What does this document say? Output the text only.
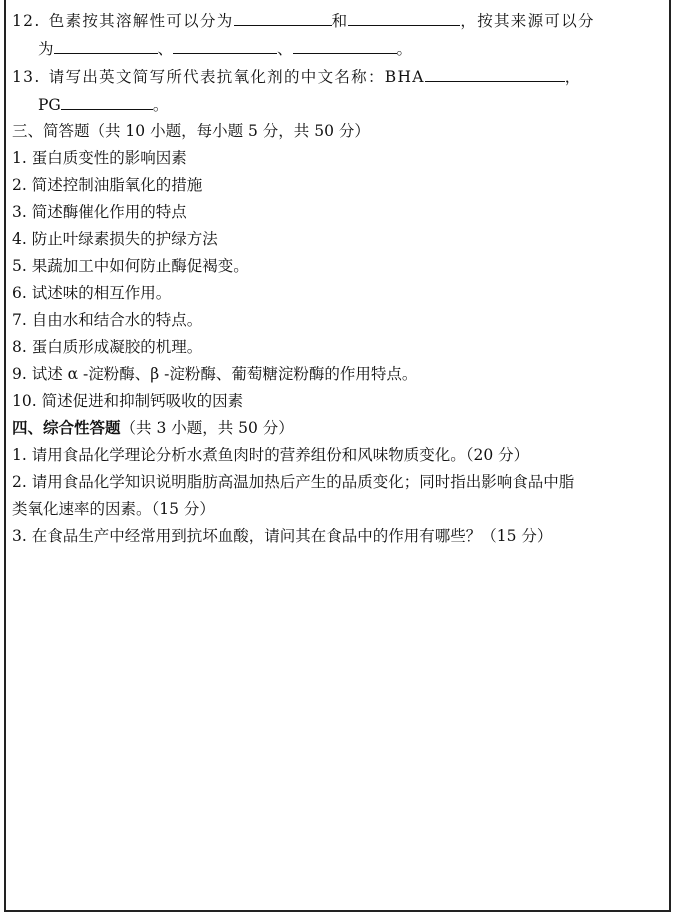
12. 色素按其溶解性可以分为	和	，按其来源可以分
为	、	、	。
13. 请写出英文简写所代表抗氧化剂的中文名称：BHA	，
PG	。
三、简答题（共 10 小题，每小题 5 分，共 50 分）
1. 蛋白质变性的影响因素
2. 简述控制油脂氧化的措施
3. 简述酶催化作用的特点
4. 防止叶绿素损失的护绿方法
5. 果蔬加工中如何防止酶促褐变。
6. 试述味的相互作用。
7. 自由水和结合水的特点。
8. 蛋白质形成凝胶的机理。
9. 试述 α -淀粉酶、β -淀粉酶、葡萄糖淀粉酶的作用特点。
10. 简述促进和抑制钙吸收的因素
四、综合性答题（共 3 小题，共 50 分）
1. 请用食品化学理论分析水煮鱼肉时的营养组份和风味物质变化。（20 分）
2. 请用食品化学知识说明脂肪高温加热后产生的品质变化；同时指出影响食品中脂
类氧化速率的因素。（15 分）
3. 在食品生产中经常用到抗坏血酸，请问其在食品中的作用有哪些？（15 分）
